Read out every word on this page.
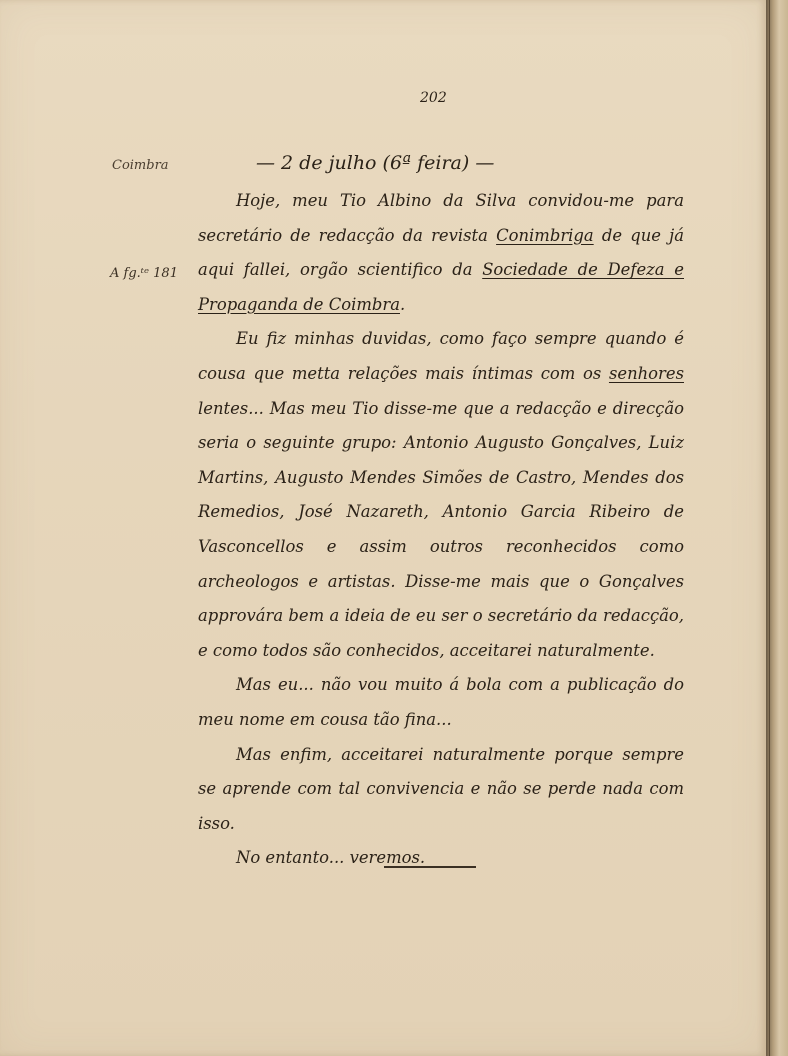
202
Coimbra
A fg.ᵗᵉ 181
— 2 de julho (6ª feira) —

Hoje, meu Tio Albino da Silva convidou-me para secretário de redacção da revista Conimbriga de que já aqui fallei, orgão scientifico da Sociedade de Defeza e Propaganda de Coimbra.

Eu fiz minhas duvidas, como faço sempre quando é cousa que metta relações mais íntimas com os senhores lentes... Mas meu Tio disse-me que a redacção e direcção seria o seguinte grupo: Antonio Augusto Gonçalves, Luiz Martins, Augusto Mendes Simões de Castro, Mendes dos Remedios, José Nazareth, Antonio Garcia Ribeiro de Vasconcellos e assim outros reconhecidos como archeologos e artistas. Disse-me mais que o Gonçalves approvára bem a ideia de eu ser o secretário da redacção, e como todos são conhecidos, acceitarei naturalmente.

Mas eu... não vou muito á bola com a publicação do meu nome em cousa tão fina...

Mas enfim, acceitarei naturalmente porque sempre se aprende com tal convivencia e não se perde nada com isso.

No entanto... veremos.
